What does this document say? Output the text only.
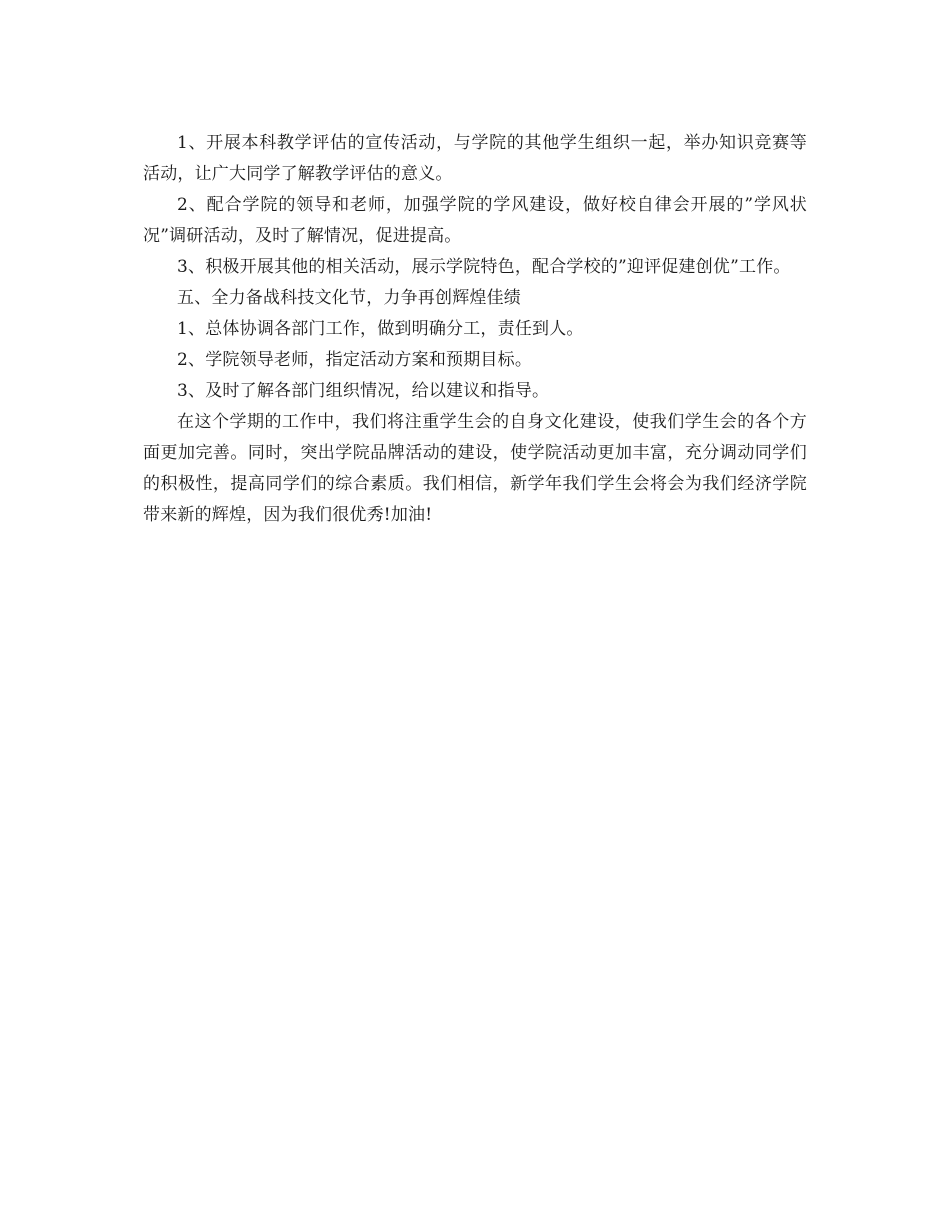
1、开展本科教学评估的宣传活动，与学院的其他学生组织一起，举办知识竞赛等活动，让广大同学了解教学评估的意义。

2、配合学院的领导和老师，加强学院的学风建设，做好校自律会开展的”学风状况”调研活动，及时了解情况，促进提高。

3、积极开展其他的相关活动，展示学院特色，配合学校的”迎评促建创优”工作。

五、全力备战科技文化节，力争再创辉煌佳绩

1、总体协调各部门工作，做到明确分工，责任到人。

2、学院领导老师，指定活动方案和预期目标。

3、及时了解各部门组织情况，给以建议和指导。

在这个学期的工作中，我们将注重学生会的自身文化建设，使我们学生会的各个方面更加完善。同时，突出学院品牌活动的建设，使学院活动更加丰富，充分调动同学们的积极性，提高同学们的综合素质。我们相信，新学年我们学生会将会为我们经济学院带来新的辉煌，因为我们很优秀!加油!
